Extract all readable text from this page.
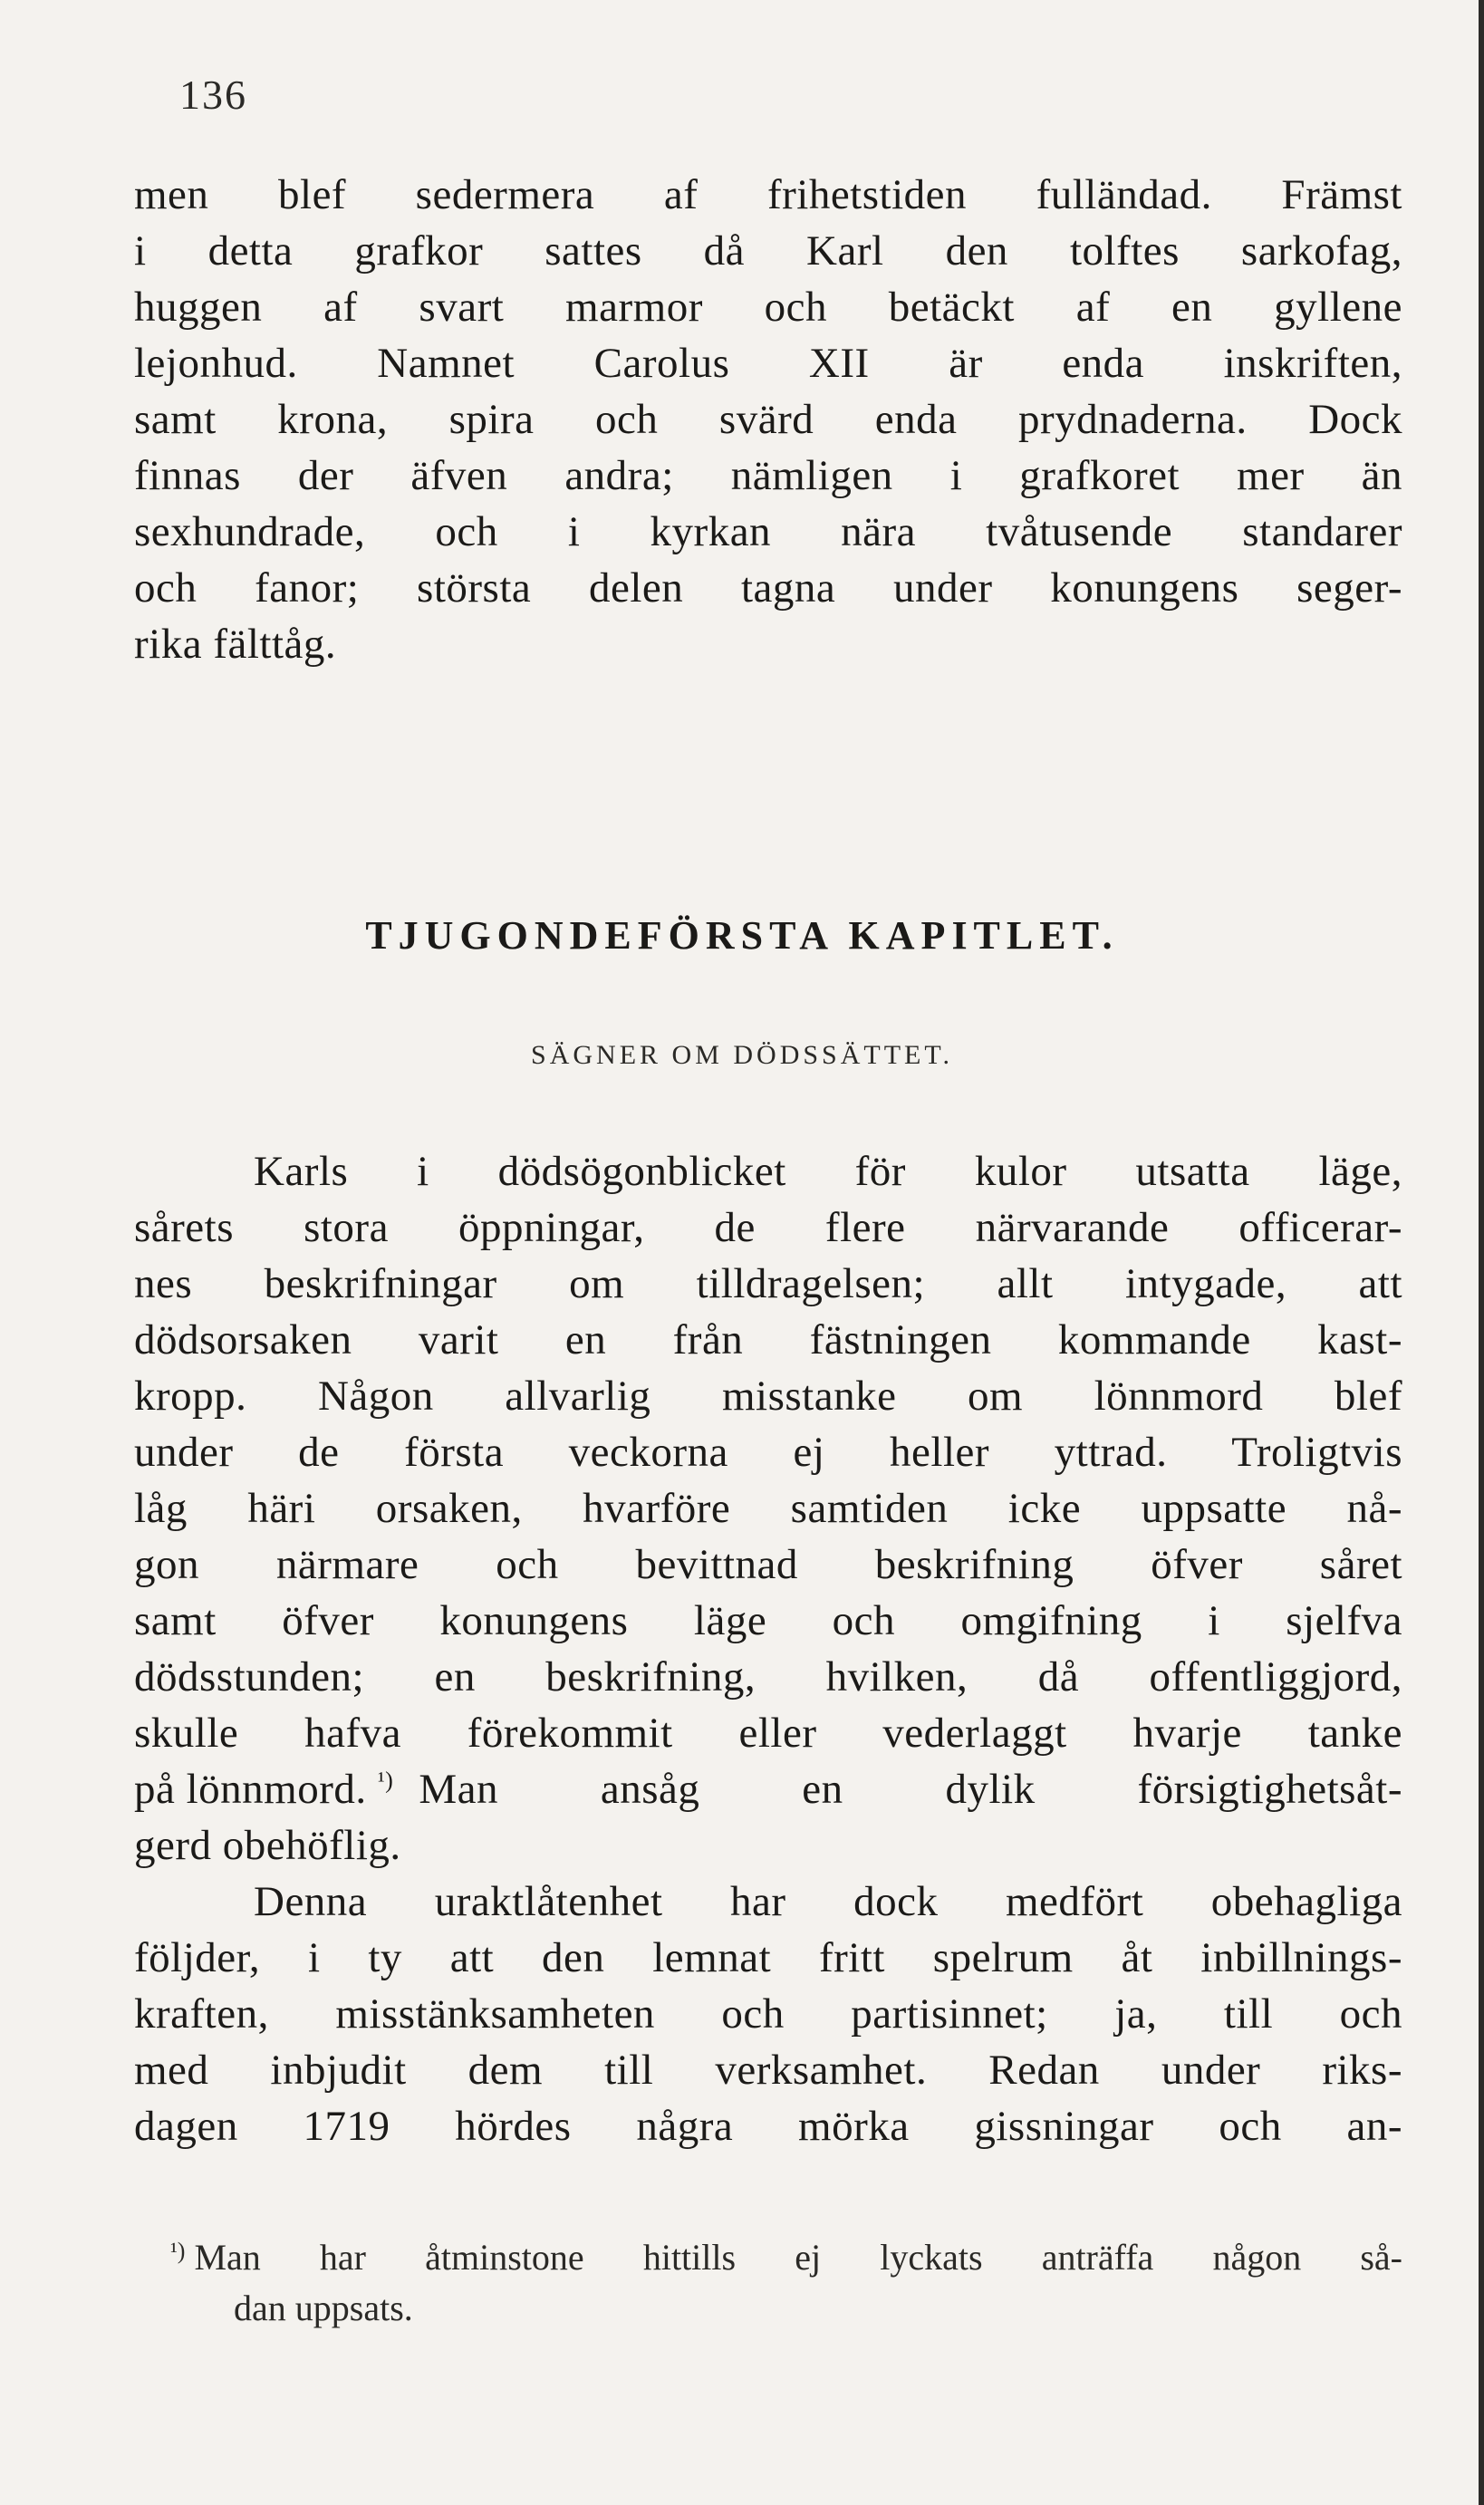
136
men blef sedermera af frihetstiden fulländad. Främst
i detta grafkor sattes då Karl den tolftes sarkofag,
huggen af svart marmor och betäckt af en gyllene
lejonhud. Namnet Carolus XII är enda inskriften,
samt krona, spira och svärd enda prydnaderna. Dock
finnas der äfven andra; nämligen i grafkoret mer än
sexhundrade, och i kyrkan nära tvåtusende standarer
och fanor; största delen tagna under konungens seger-
rika fälttåg.
TJUGONDEFÖRSTA KAPITLET.
SÄGNER OM DÖDSSÄTTET.
Karls i dödsögonblicket för kulor utsatta läge,
sårets stora öppningar, de flere närvarande officerar-
nes beskrifningar om tilldragelsen; allt intygade, att
dödsorsaken varit en från fästningen kommande kast-
kropp. Någon allvarlig misstanke om lönnmord blef
under de första veckorna ej heller yttrad. Troligtvis
låg häri orsaken, hvarföre samtiden icke uppsatte nå-
gon närmare och bevittnad beskrifning öfver såret
samt öfver konungens läge och omgifning i sjelfva
dödsstunden; en beskrifning, hvilken, då offentliggjord,
skulle hafva förekommit eller vederlaggt hvarje tanke
på lönnmord. $^{^1)}$ Man ansåg en dylik försigtighetsåt-
gerd obehöflig.
Denna uraktlåtenhet har dock medfört obehagliga
följder, i ty att den lemnat fritt spelrum åt inbillnings-
kraften, misstänksamheten och partisinnet; ja, till och
med inbjudit dem till verksamhet. Redan under riks-
dagen 1719 hördes några mörka gissningar och an-
¹) Man har åtminstone hittills ej lyckats anträffa någon så-
dan uppsats.
